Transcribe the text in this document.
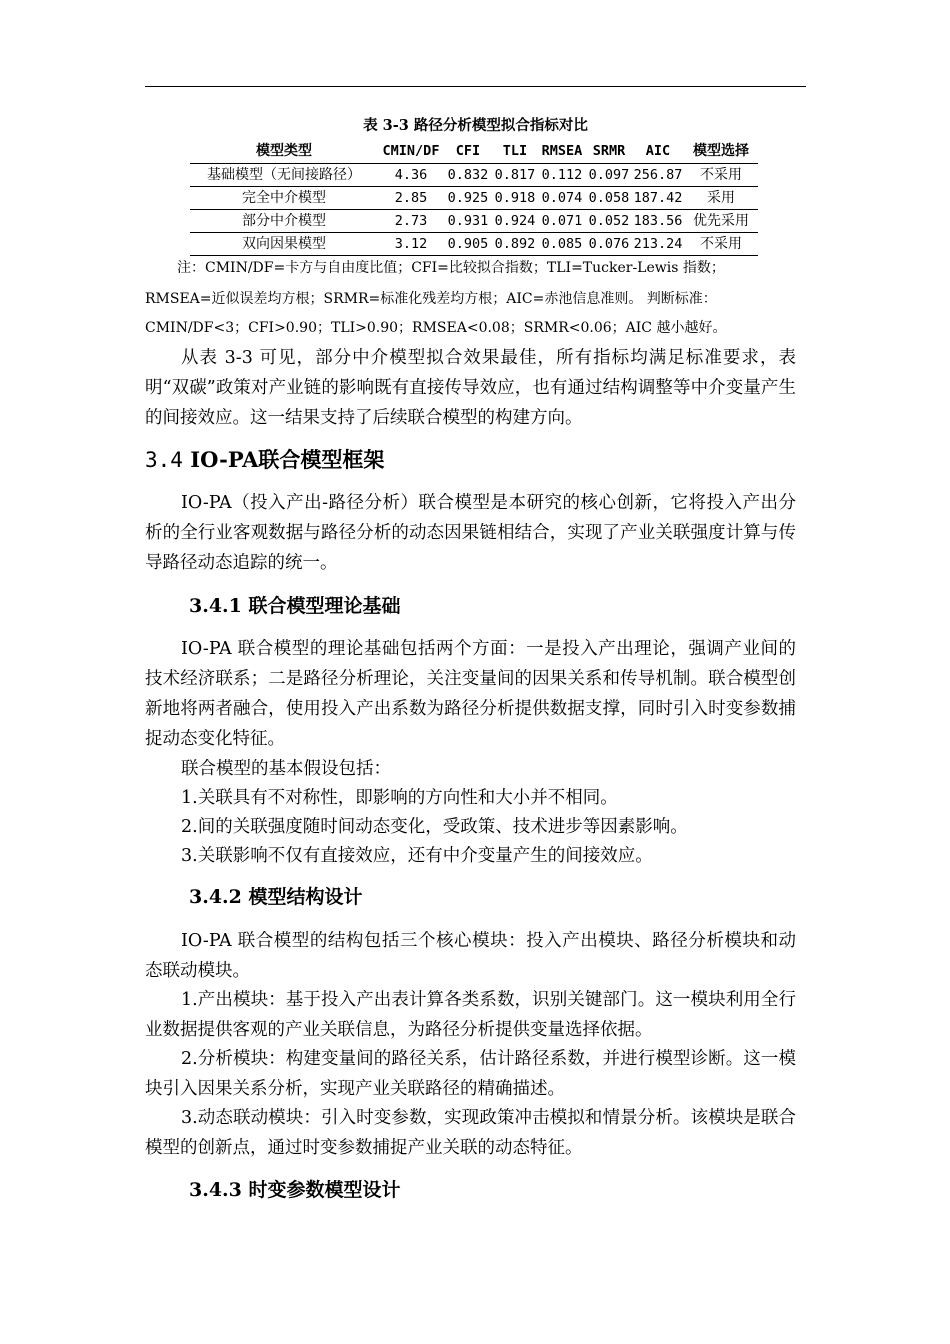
表 3-3 路径分析模型拟合指标对比
模型类型	CMIN/DF	CFI	TLI	RMSEA	SRMR	AIC	模型选择
基础模型（无间接路径）	4.36	0.832	0.817	0.112	0.097	256.87	不采用
完全中介模型	2.85	0.925	0.918	0.074	0.058	187.42	采用
部分中介模型	2.73	0.931	0.924	0.071	0.052	183.56	优先采用
双向因果模型	3.12	0.905	0.892	0.085	0.076	213.24	不采用
注：CMIN/DF=卡方与自由度比值；CFI=比较拟合指数；TLI=Tucker-Lewis 指数；
RMSEA=近似误差均方根；SRMR=标准化残差均方根；AIC=赤池信息准则。 判断标准：
CMIN/DF<3；CFI>0.90；TLI>0.90；RMSEA<0.08；SRMR<0.06；AIC 越小越好。

从表 3-3 可见，部分中介模型拟合效果最佳，所有指标均满足标准要求，表明“双碳”政策对产业链的影响既有直接传导效应，也有通过结构调整等中介变量产生的间接效应。这一结果支持了后续联合模型的构建方向。

3.4 IO-PA联合模型框架

IO-PA（投入产出-路径分析）联合模型是本研究的核心创新，它将投入产出分析的全行业客观数据与路径分析的动态因果链相结合，实现了产业关联强度计算与传导路径动态追踪的统一。

3.4.1 联合模型理论基础

IO-PA 联合模型的理论基础包括两个方面：一是投入产出理论，强调产业间的技术经济联系；二是路径分析理论，关注变量间的因果关系和传导机制。联合模型创新地将两者融合，使用投入产出系数为路径分析提供数据支撑，同时引入时变参数捕捉动态变化特征。

联合模型的基本假设包括：

1.关联具有不对称性，即影响的方向性和大小并不相同。

2.间的关联强度随时间动态变化，受政策、技术进步等因素影响。

3.关联影响不仅有直接效应，还有中介变量产生的间接效应。

3.4.2 模型结构设计

IO-PA 联合模型的结构包括三个核心模块：投入产出模块、路径分析模块和动态联动模块。

1.产出模块：基于投入产出表计算各类系数，识别关键部门。这一模块利用全行业数据提供客观的产业关联信息，为路径分析提供变量选择依据。

2.分析模块：构建变量间的路径关系，估计路径系数，并进行模型诊断。这一模块引入因果关系分析，实现产业关联路径的精确描述。

3.动态联动模块：引入时变参数，实现政策冲击模拟和情景分析。该模块是联合模型的创新点，通过时变参数捕捉产业关联的动态特征。

3.4.3 时变参数模型设计
